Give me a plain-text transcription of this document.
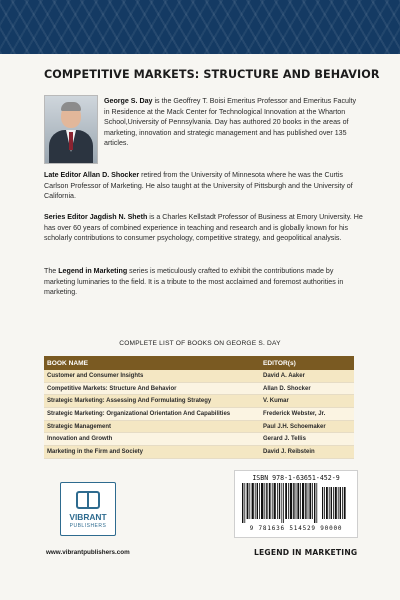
COMPETITIVE MARKETS: STRUCTURE AND BEHAVIOR
George S. Day is the Geoffrey T. Boisi Emeritus Professor and Emeritus Faculty in Residence at the Mack Center for Technological Innovation at the Wharton School,University of Pennsylvania. Day has authored 20 books in the areas of marketing, innovation and strategic management and has published over 135 articles.
Late Editor Allan D. Shocker retired from the University of Minnesota where he was the Curtis Carlson Professor of Marketing. He also taught at the University of Pittsburgh and the University of California.
Series Editor Jagdish N. Sheth is a Charles Kellstadt Professor of Business at Emory University. He has over 60 years of combined experience in teaching and research and is globally known for his scholarly contributions to consumer psychology, competitive strategy, and geopolitical analysis.
The Legend in Marketing series is meticulously crafted to exhibit the contributions made by marketing luminaries to the field. It is a tribute to the most acclaimed and foremost authorities in marketing.
COMPLETE LIST OF BOOKS ON GEORGE S. DAY
BOOK NAME	EDITOR(s)
Customer and Consumer Insights	David A. Aaker
Competitive Markets: Structure And Behavior	Allan D. Shocker
Strategic Marketing: Assessing And Formulating Strategy	V. Kumar
Strategic Marketing: Organizational Orientation And Capabilities	Frederick Webster, Jr.
Strategic Management	Paul J.H. Schoemaker
Innovation and Growth	Gerard J. Tellis
Marketing in the Firm and Society	David J. Reibstein
VIBRANT
PUBLISHERS
www.vibrantpublishers.com
ISBN 978-1-63651-452-9
9 781636 514529 90000
LEGEND IN MARKETING
